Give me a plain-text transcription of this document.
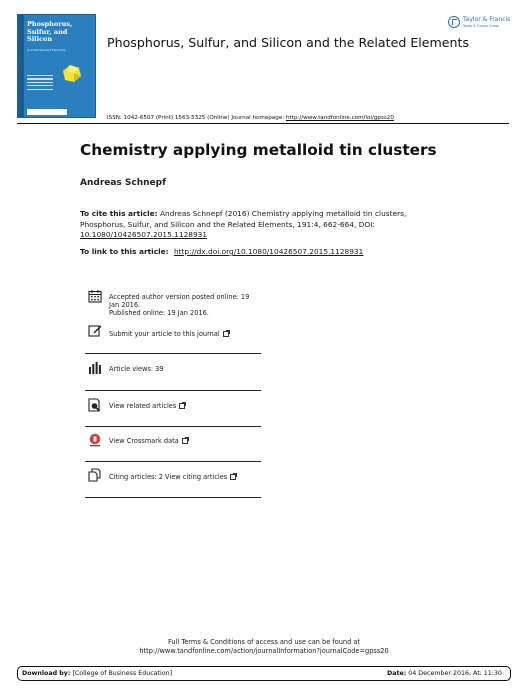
Phosphorus, Sulfur, and Silicon
and the Related Elements	Phosphorus, Sulfur, and Silicon and the Related Elements
Taylor & Francis
Taylor & Francis Group
ISSN: 1042-6507 (Print) 1563-5325 (Online) Journal homepage: http://www.tandfonline.com/loi/gpss20
Chemistry applying metalloid tin clusters
Andreas Schnepf
To cite this article: Andreas Schnepf (2016) Chemistry applying metalloid tin clusters, Phosphorus, Sulfur, and Silicon and the Related Elements, 191:4, 662-664, DOI: 10.1080/10426507.2015.1128931
To link to this article: http://dx.doi.org/10.1080/10426507.2015.1128931
Accepted author version posted online: 19
Jan 2016.
Published online: 19 Jan 2016.
Submit your article to this journal
Article views: 39
View related articles
View Crossmark data
Citing articles: 2 View citing articles
Full Terms & Conditions of access and use can be found at
http://www.tandfonline.com/action/journalInformation?journalCode=gpss20
Download by: [College of Business Education]	Date: 04 December 2016, At: 11:30
